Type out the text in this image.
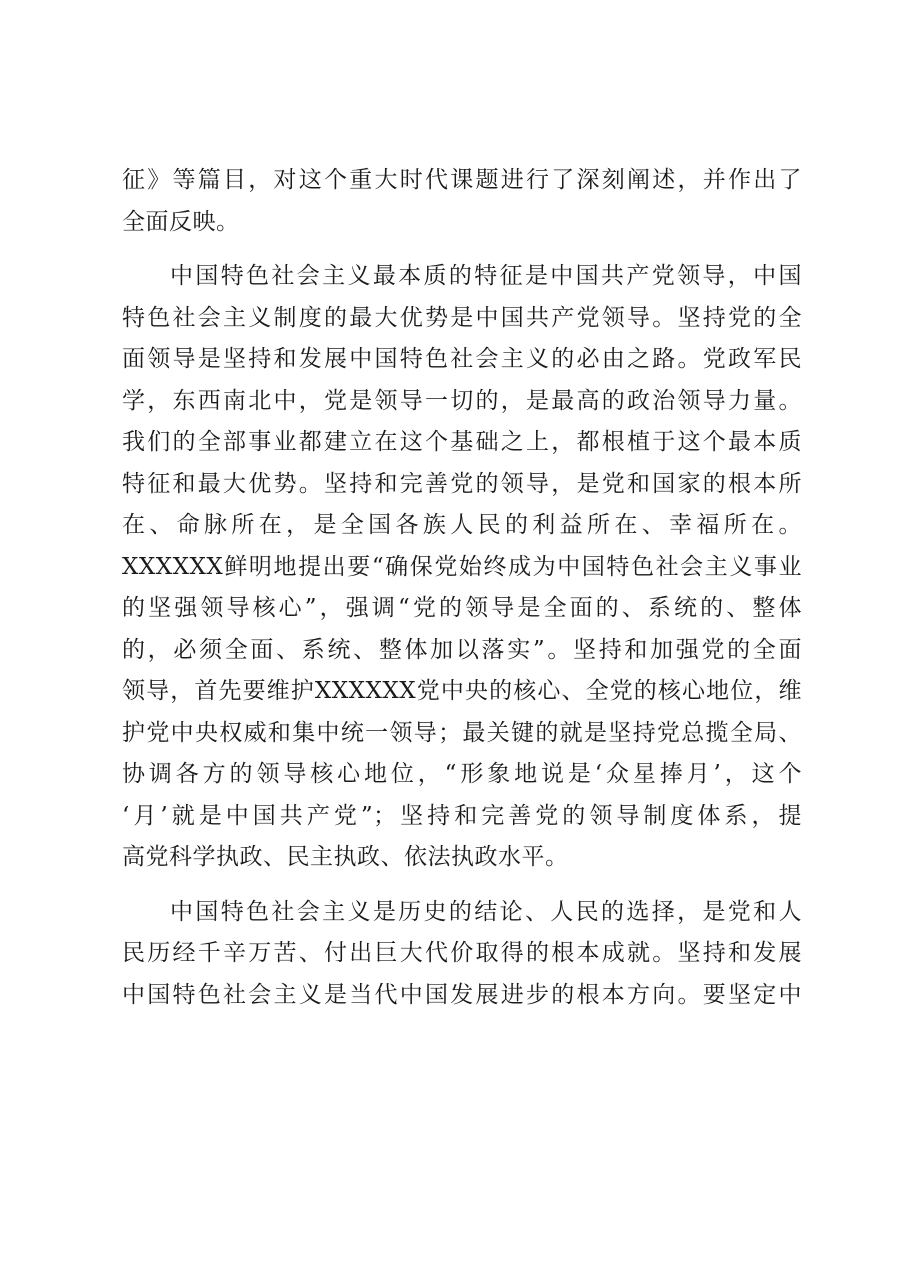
征》等篇目，对这个重大时代课题进行了深刻阐述，并作出了
全面反映。
中国特色社会主义最本质的特征是中国共产党领导，中国
特色社会主义制度的最大优势是中国共产党领导。坚持党的全
面领导是坚持和发展中国特色社会主义的必由之路。党政军民
学，东西南北中，党是领导一切的，是最高的政治领导力量。
我们的全部事业都建立在这个基础之上，都根植于这个最本质
特征和最大优势。坚持和完善党的领导，是党和国家的根本所
在、命脉所在，是全国各族人民的利益所在、幸福所在。
XXXXXX鲜明地提出要“确保党始终成为中国特色社会主义事业
的坚强领导核心”，强调“党的领导是全面的、系统的、整体
的，必须全面、系统、整体加以落实”。坚持和加强党的全面
领导，首先要维护XXXXXX党中央的核心、全党的核心地位，维
护党中央权威和集中统一领导；最关键的就是坚持党总揽全局、
协调各方的领导核心地位，“形象地说是‘众星捧月’，这个
‘月’就是中国共产党”；坚持和完善党的领导制度体系，提
高党科学执政、民主执政、依法执政水平。
中国特色社会主义是历史的结论、人民的选择，是党和人
民历经千辛万苦、付出巨大代价取得的根本成就。坚持和发展
中国特色社会主义是当代中国发展进步的根本方向。要坚定中
